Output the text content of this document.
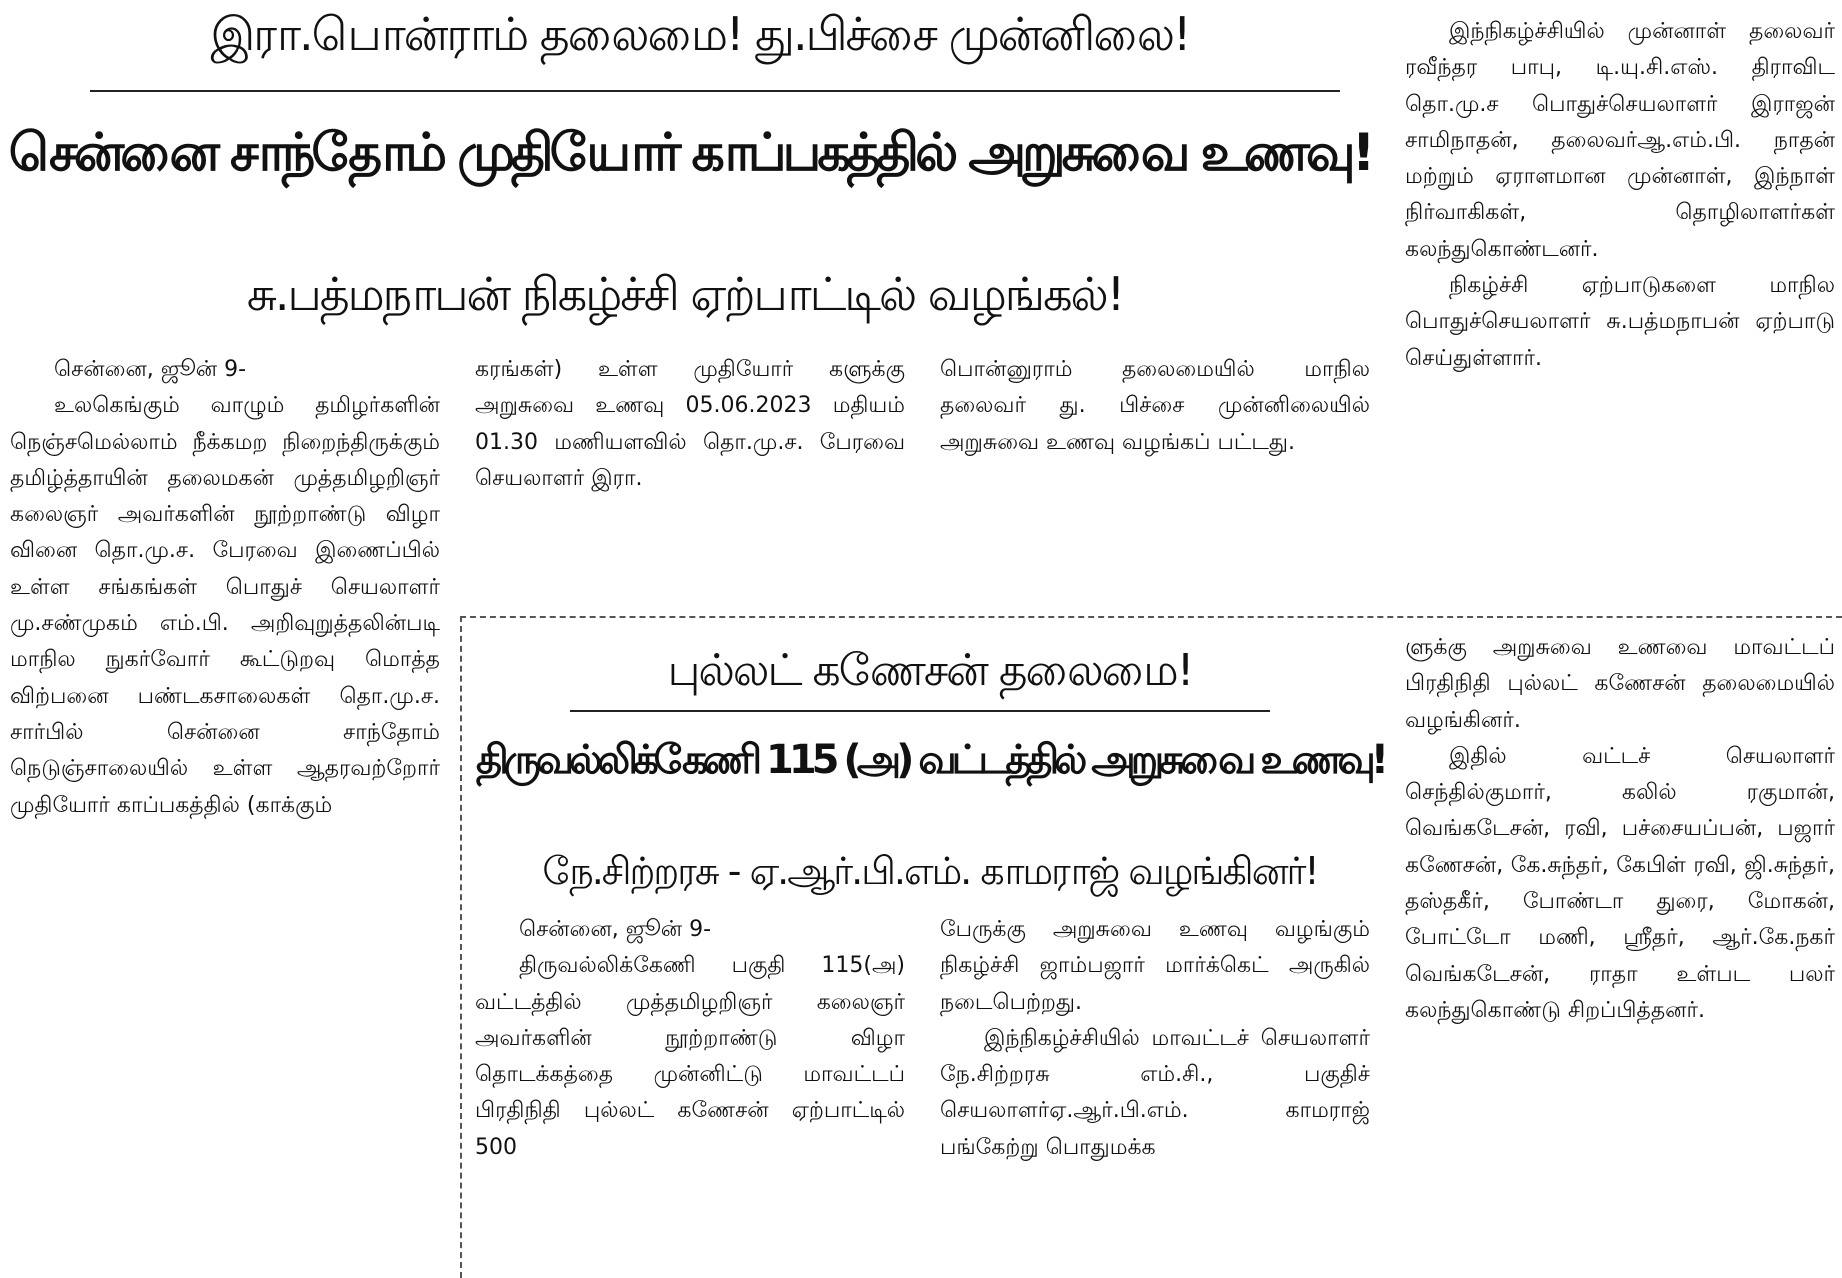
இரா.பொன்ராம் தலைமை! து.பிச்சை முன்னிலை!
சென்னை சாந்தோம் முதியோர் காப்பகத்தில் அறுசுவை உணவு!
சு.பத்மநாபன் நிகழ்ச்சி ஏற்பாட்டில் வழங்கல்!

சென்னை, ஜூன் 9-

உலகெங்கும் வாழும் தமிழர்களின் நெஞ்சமெல்லாம் நீக்கமற நிறைந்திருக்கும் தமிழ்த்தாயின் தலைமகன் முத்தமிழறிஞர் கலைஞர் அவர்களின் நூற்றாண்டு விழா வினை தொ.மு.ச. பேரவை இணைப்பில் உள்ள சங்கங்கள் பொதுச் செயலாளர் மு.சண்முகம் எம்.பி. அறிவுறுத்தலின்படி மாநில நுகர்வோர் கூட்டுறவு மொத்த விற்பனை பண்டகசாலைகள் தொ.மு.ச. சார்பில் சென்னை சாந்தோம் நெடுஞ்சாலையில் உள்ள ஆதரவற்றோர் முதியோர் காப்பகத்தில் (காக்கும்

கரங்கள்) உள்ள முதியோர் களுக்கு அறுசுவை உணவு 05.06.2023 மதியம் 01.30 மணியளவில் தொ.மு.ச. பேரவை செயலாளர் இரா.

பொன்னுராம் தலைமையில் மாநில தலைவர் து. பிச்சை முன்னிலையில் அறுசுவை உணவு வழங்கப் பட்டது.

இந்நிகழ்ச்சியில் முன்னாள் தலைவர் ரவீந்தர பாபு, டி.யு.சி.எஸ். திராவிட தொ.மு.ச பொதுச்செயலாளர் இராஜன் சாமிநாதன், தலைவர்ஆ.எம்.பி. நாதன் மற்றும் ஏராளமான முன்னாள், இந்நாள் நிர்வாகிகள், தொழிலாளர்கள் கலந்துகொண்டனர்.

நிகழ்ச்சி ஏற்பாடுகளை மாநில பொதுச்செயலாளர் சு.பத்மநாபன் ஏற்பாடு செய்துள்ளார்.

புல்லட் கணேசன் தலைமை!
திருவல்லிக்கேணி 115 (அ) வட்டத்தில் அறுசுவை உணவு!
நே.சிற்றரசு - ஏ.ஆர்.பி.எம். காமராஜ் வழங்கினர்!

சென்னை, ஜூன் 9-

திருவல்லிக்கேணி பகுதி 115(அ) வட்டத்தில் முத்தமிழறிஞர் கலைஞர் அவர்களின் நூற்றாண்டு விழா தொடக்கத்தை முன்னிட்டு மாவட்டப் பிரதிநிதி புல்லட் கணேசன் ஏற்பாட்டில் 500

பேருக்கு அறுசுவை உணவு வழங்கும் நிகழ்ச்சி ஜாம்பஜார் மார்க்கெட் அருகில் நடைபெற்றது.

இந்நிகழ்ச்சியில் மாவட்டச் செயலாளர் நே.சிற்றரசு எம்.சி., பகுதிச் செயலாளர்ஏ.ஆர்.பி.எம். காமராஜ் பங்கேற்று பொதுமக்க

ளுக்கு அறுசுவை உணவை மாவட்டப் பிரதிநிதி புல்லட் கணேசன் தலைமையில் வழங்கினர்.

இதில் வட்டச் செயலாளர் செந்தில்குமார், கலில் ரகுமான், வெங்கடேசன், ரவி, பச்சையப்பன், பஜார் கணேசன், கே.சுந்தர், கேபிள் ரவி, ஜி.சுந்தர், தஸ்தகீர், போண்டா துரை, மோகன், போட்டோ மணி, ஸ்ரீதர், ஆர்.கே.நகர் வெங்கடேசன், ராதா உள்பட பலர் கலந்துகொண்டு சிறப்பித்தனர்.
